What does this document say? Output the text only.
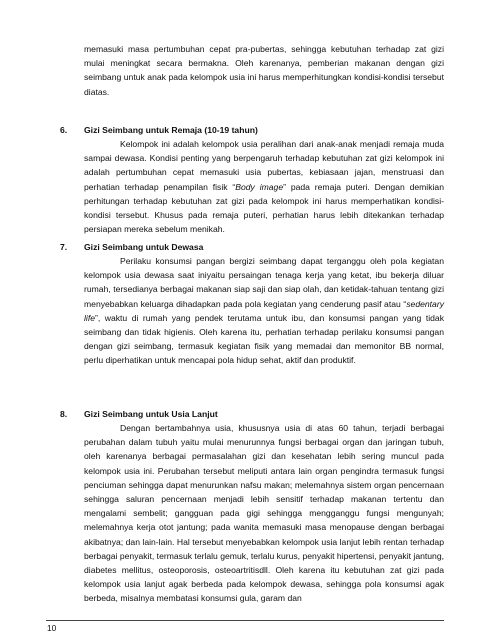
memasuki masa pertumbuhan cepat pra-pubertas, sehingga kebutuhan terhadap zat gizi mulai meningkat secara bermakna. Oleh karenanya, pemberian makanan dengan gizi seimbang untuk anak pada kelompok usia ini harus memperhitungkan kondisi-kondisi tersebut diatas.

6. Gizi Seimbang untuk Remaja (10-19 tahun)

Kelompok ini adalah kelompok usia peralihan dari anak-anak menjadi remaja muda sampai dewasa. Kondisi penting yang berpengaruh terhadap kebutuhan zat gizi kelompok ini adalah pertumbuhan cepat memasuki usia pubertas, kebiasaan jajan, menstruasi dan perhatian terhadap penampilan fisik “Body image” pada remaja puteri. Dengan demikian perhitungan terhadap kebutuhan zat gizi pada kelompok ini harus memperhatikan kondisi-kondisi tersebut. Khusus pada remaja puteri, perhatian harus lebih ditekankan terhadap persiapan mereka sebelum menikah.

7. Gizi Seimbang untuk Dewasa

Perilaku konsumsi pangan bergizi seimbang dapat terganggu oleh pola kegiatan kelompok usia dewasa saat iniyaitu persaingan tenaga kerja yang ketat, ibu bekerja diluar rumah, tersedianya berbagai makanan siap saji dan siap olah, dan ketidak-tahuan tentang gizi menyebabkan keluarga dihadapkan pada pola kegiatan yang cenderung pasif atau “sedentary life”, waktu di rumah yang pendek terutama untuk ibu, dan konsumsi pangan yang tidak seimbang dan tidak higienis. Oleh karena itu, perhatian terhadap perilaku konsumsi pangan dengan gizi seimbang, termasuk kegiatan fisik yang memadai dan memonitor BB normal, perlu diperhatikan untuk mencapai pola hidup sehat, aktif dan produktif.

8. Gizi Seimbang untuk Usia Lanjut

Dengan bertambahnya usia, khususnya usia di atas 60 tahun, terjadi berbagai perubahan dalam tubuh yaitu mulai menurunnya fungsi berbagai organ dan jaringan tubuh, oleh karenanya berbagai permasalahan gizi dan kesehatan lebih sering muncul pada kelompok usia ini. Perubahan tersebut meliputi antara lain organ pengindra termasuk fungsi penciuman sehingga dapat menurunkan nafsu makan; melemahnya sistem organ pencernaan sehingga saluran pencernaan menjadi lebih sensitif terhadap makanan tertentu dan mengalami sembelit; gangguan pada gigi sehingga mengganggu fungsi mengunyah; melemahnya kerja otot jantung; pada wanita memasuki masa menopause dengan berbagai akibatnya; dan lain-lain. Hal tersebut menyebabkan kelompok usia lanjut lebih rentan terhadap berbagai penyakit, termasuk terlalu gemuk, terlalu kurus, penyakit hipertensi, penyakit jantung, diabetes mellitus, osteoporosis, osteoartritisdll. Oleh karena itu kebutuhan zat gizi pada kelompok usia lanjut agak berbeda pada kelompok dewasa, sehingga pola konsumsi agak berbeda, misalnya membatasi konsumsi gula, garam dan

10
